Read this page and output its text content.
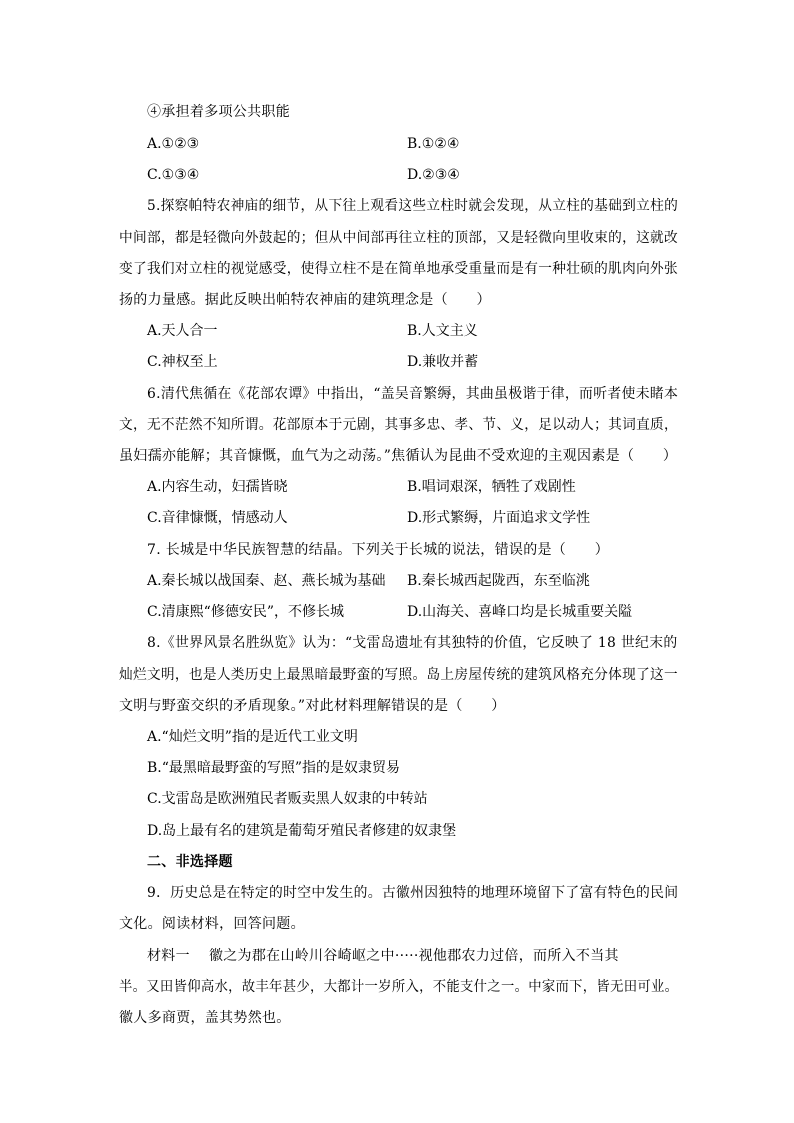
④承担着多项公共职能
A.①②③	B.①②④
C.①③④	D.②③④
5.探察帕特农神庙的细节，从下往上观看这些立柱时就会发现，从立柱的基础到立柱的
中间部，都是轻微向外鼓起的；但从中间部再往立柱的顶部，又是轻微向里收束的，这就改
变了我们对立柱的视觉感受，使得立柱不是在简单地承受重量而是有一种壮硕的肌肉向外张
扬的力量感。据此反映出帕特农神庙的建筑理念是（　　）
A.天人合一	B.人文主义
C.神权至上	D.兼收并蓄
6.清代焦循在《花部农谭》中指出，“盖吴音繁缛，其曲虽极谐于律，而听者使未睹本
文，无不茫然不知所谓。花部原本于元剧，其事多忠、孝、节、义，足以动人；其词直质，
虽妇孺亦能解；其音慷慨，血气为之动荡。”焦循认为昆曲不受欢迎的主观因素是（　　）
A.内容生动，妇孺皆晓	B.唱词艰深，牺牲了戏剧性
C.音律慷慨，情感动人	D.形式繁缛，片面追求文学性
7. 长城是中华民族智慧的结晶。下列关于长城的说法，错误的是（　　）
A.秦长城以战国秦、赵、燕长城为基础 B.秦长城西起陇西，东至临洮
C.清康熙“修德安民”，不修长城	D.山海关、喜峰口均是长城重要关隘
8.《世界风景名胜纵览》认为：“戈雷岛遗址有其独特的价值，它反映了 18 世纪末的
灿烂文明，也是人类历史上最黑暗最野蛮的写照。岛上房屋传统的建筑风格充分体现了这一
文明与野蛮交织的矛盾现象。”对此材料理解错误的是（　　）
A.“灿烂文明”指的是近代工业文明
B.“最黑暗最野蛮的写照”指的是奴隶贸易
C.戈雷岛是欧洲殖民者贩卖黑人奴隶的中转站
D.岛上最有名的建筑是葡萄牙殖民者修建的奴隶堡
二、非选择题
9．历史总是在特定的时空中发生的。古徽州因独特的地理环境留下了富有特色的民间
文化。阅读材料，回答问题。
材料一　 徽之为郡在山岭川谷崎岖之中·····视他郡农力过倍，而所入不当其
半。又田皆仰高水，故丰年甚少，大都计一岁所入，不能支什之一。中家而下，皆无田可业。
徽人多商贾，盖其势然也。
